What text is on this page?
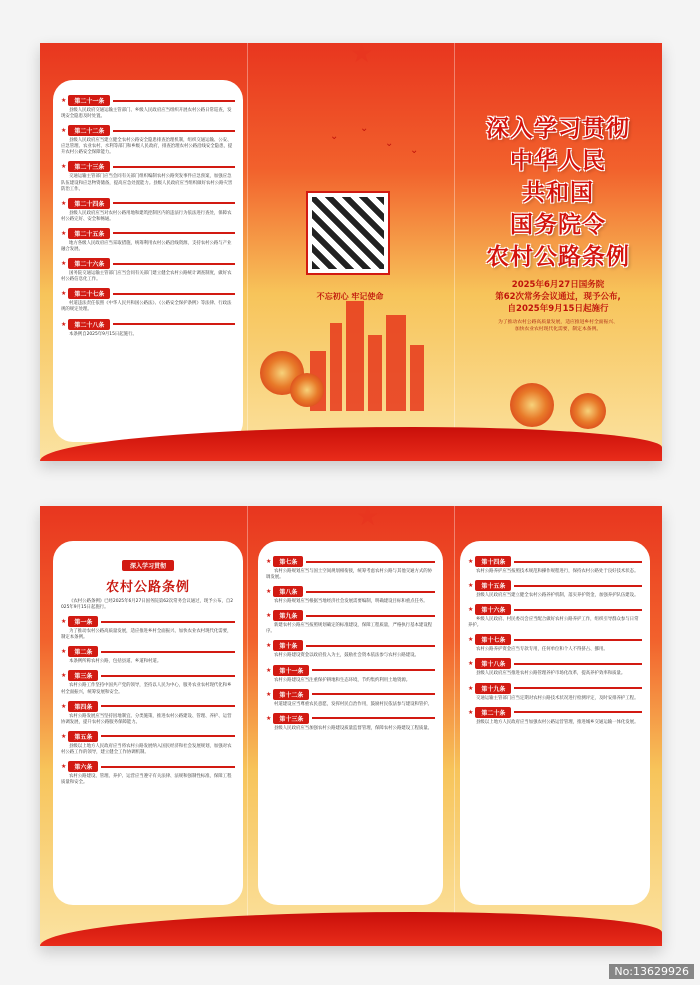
★
★	第二十一条
县级人民政府交通运输主管部门、乡级人民政府应当组织开展农村公路日常巡查，发现安全隐患及时处置。
★	第二十二条
县级人民政府应当建立健全农村公路安全隐患排查治理机制，组织交通运输、公安、应急管理、农业农村、水利等部门和乡级人民政府，排查治理农村公路沿线安全隐患，提升农村公路安全保障能力。
★	第二十三条
交通运输主管部门应当会同有关部门组织编制农村公路突发事件应急预案，加强应急队伍建设和应急物资储备，提高应急处置能力。县级人民政府应当组织做好农村公路灾害防治工作。
★	第二十四条
县级人民政府应当对农村公路用地和建筑控制区内的违法行为依法进行查处，保障农村公路完好、安全和畅通。
★	第二十五条
地方各级人民政府应当采取措施，统筹利用农村公路沿线资源，支持农村公路与产业融合发展。
★	第二十六条
国务院交通运输主管部门应当会同有关部门建立健全农村公路统计调查制度，做好农村公路信息化工作。
★	第二十七条
村道违法责任依照《中华人民共和国公路法》、《公路安全保护条例》等法律、行政法规的规定处理。
★	第二十八条
本条例自2025年9月15日起施行。
⌄
⌄
⌄
⌄
不忘初心 牢记使命
深入学习贯彻
中华人民
共和国
国务院令
农村公路条例
2025年6月27日国务院
第62次常务会议通过，现予公布,
自2025年9月15日起施行
为了推动农村公路高质量发展，适应推进乡村全面振兴、
加快农业农村现代化需要，制定本条例。
★
深入学习贯彻
农村公路条例
《农村公路条例》已经2025年6月27日国务院第62次常务会议通过，现予公布，自2025年9月15日起施行。
★	第一条
为了推动农村公路高质量发展，适应推进乡村全面振兴、加快农业农村现代化需要，制定本条例。
★	第二条
本条例所称农村公路，包括县道、乡道和村道。
★	第三条
农村公路工作坚持中国共产党的领导，坚持以人民为中心，服务农业农村现代化和乡村全面振兴，统筹发展和安全。
★	第四条
农村公路发展应当坚持因地制宜、分类施策，推进农村公路建设、管理、养护、运营协调发展，提升农村公路服务保障能力。
★	第五条
县级以上地方人民政府应当将农村公路发展纳入国民经济和社会发展规划，加强对农村公路工作的领导，建立健全工作协调机制。
★	第六条
农村公路建设、管理、养护、运营应当遵守有关法律、法规和强制性标准，保障工程质量和安全。
★	第七条
农村公路规划应当与国土空间规划相衔接，统筹考虑农村公路与其他交通方式的协调发展。
★	第八条
农村公路规划应当根据当地经济社会发展需要编制，明确建设目标和重点任务。
★	第九条
新建农村公路应当按照规划确定的标准建设，保障工程质量，严格执行基本建设程序。
★	第十条
农村公路建设资金以政府投入为主，鼓励社会资本依法参与农村公路建设。
★	第十一条
农村公路建设应当注重保护耕地和生态环境，节约集约利用土地资源。
★	第十二条
村道建设应当尊重农民意愿，发挥村民自治作用，鼓励村民依法参与建设和管护。
★	第十三条
县级人民政府应当加强农村公路建设质量监督管理，保障农村公路建设工程质量。
★	第十四条
农村公路养护应当按照技术规范和操作规程进行，保持农村公路处于良好技术状态。
★	第十五条
县级人民政府应当建立健全农村公路养护机制，落实养护资金，加强养护队伍建设。
★	第十六条
乡级人民政府、村民委员会应当配合做好农村公路养护工作，组织引导群众参与日常养护。
★	第十七条
农村公路养护资金应当专款专用，任何单位和个人不得挤占、挪用。
★	第十八条
县级人民政府应当推进农村公路管理养护市场化改革，提高养护效率和质量。
★	第十九条
交通运输主管部门应当定期对农村公路技术状况进行检测评定，及时安排养护工程。
★	第二十条
县级以上地方人民政府应当加强农村公路运营管理，推进城乡交通运输一体化发展。
No:13629926
